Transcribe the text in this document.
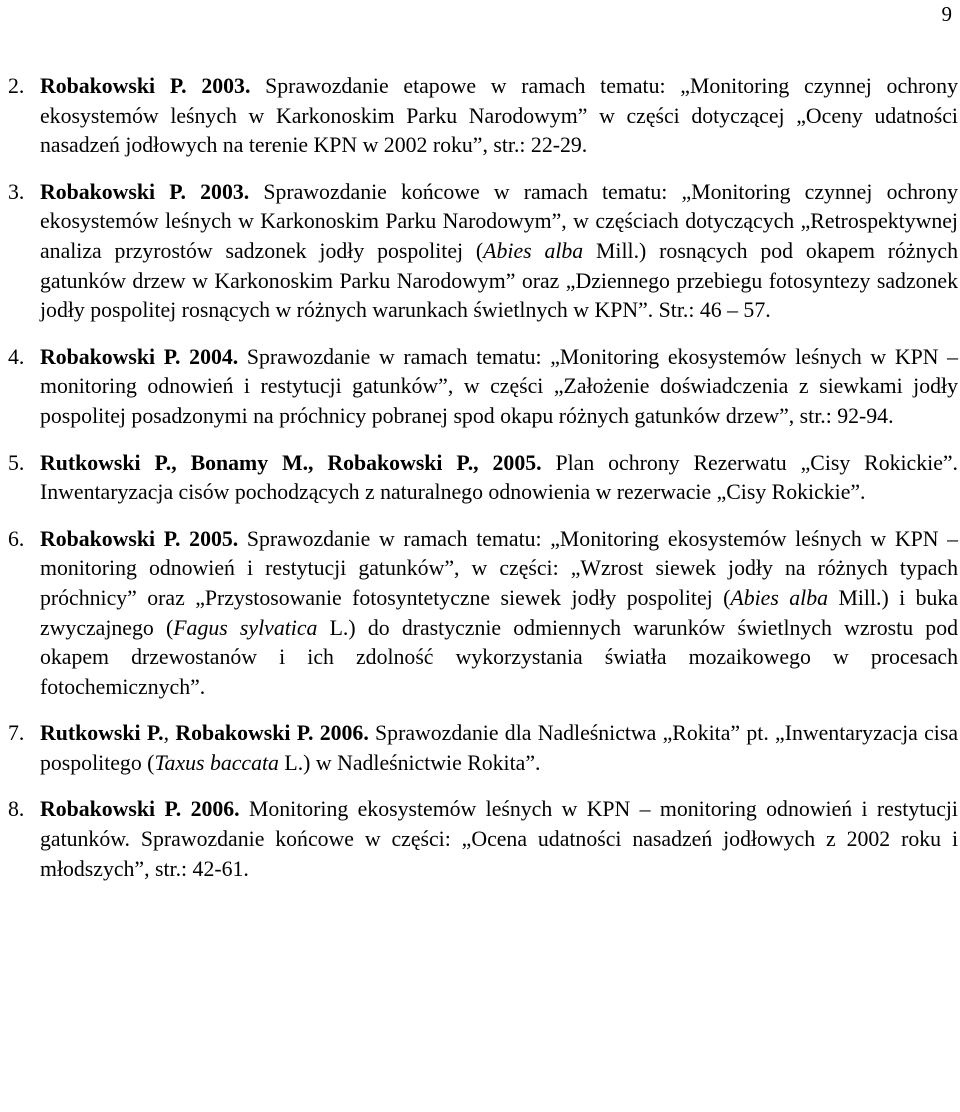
9
2. Robakowski P. 2003. Sprawozdanie etapowe w ramach tematu: „Monitoring czynnej ochrony ekosystemów leśnych w Karkonoskim Parku Narodowym” w części dotyczącej „Oceny udatności nasadzeń jodłowych na terenie KPN w 2002 roku”, str.: 22-29.
3. Robakowski P. 2003. Sprawozdanie końcowe w ramach tematu: „Monitoring czynnej ochrony ekosystemów leśnych w Karkonoskim Parku Narodowym”, w częściach dotyczących „Retrospektywnej analiza przyrostów sadzonek jodły pospolitej (Abies alba Mill.) rosnących pod okapem różnych gatunków drzew w Karkonoskim Parku Narodowym” oraz „Dziennego przebiegu fotosyntezy sadzonek jodły pospolitej rosnących w różnych warunkach świetlnych w KPN”. Str.: 46 – 57.
4. Robakowski P. 2004. Sprawozdanie w ramach tematu: „Monitoring ekosystemów leśnych w KPN – monitoring odnowień i restytucji gatunków”, w części „Założenie doświadczenia z siewkami jodły pospolitej posadzonymi na próchnicy pobranej spod okapu różnych gatunków drzew”, str.: 92-94.
5. Rutkowski P., Bonamy M., Robakowski P., 2005. Plan ochrony Rezerwatu „Cisy Rokickie”. Inwentaryzacja cisów pochodzących z naturalnego odnowienia w rezerwacie „Cisy Rokickie”.
6. Robakowski P. 2005. Sprawozdanie w ramach tematu: „Monitoring ekosystemów leśnych w KPN – monitoring odnowień i restytucji gatunków”, w części: „Wzrost siewek jodły na różnych typach próchnicy” oraz „Przystosowanie fotosyntetyczne siewek jodły pospolitej (Abies alba Mill.) i buka zwyczajnego (Fagus sylvatica L.) do drastycznie odmiennych warunków świetlnych wzrostu pod okapem drzewostanów i ich zdolność wykorzystania światła mozaikowego w procesach fotochemicznych”.
7. Rutkowski P., Robakowski P. 2006. Sprawozdanie dla Nadleśnictwa „Rokita” pt. „Inwentaryzacja cisa pospolitego (Taxus baccata L.) w Nadleśnictwie Rokita”.
8. Robakowski P. 2006. Monitoring ekosystemów leśnych w KPN – monitoring odnowień i restytucji gatunków. Sprawozdanie końcowe w części: „Ocena udatności nasadzeń jodłowych z 2002 roku i młodszych”, str.: 42-61.
